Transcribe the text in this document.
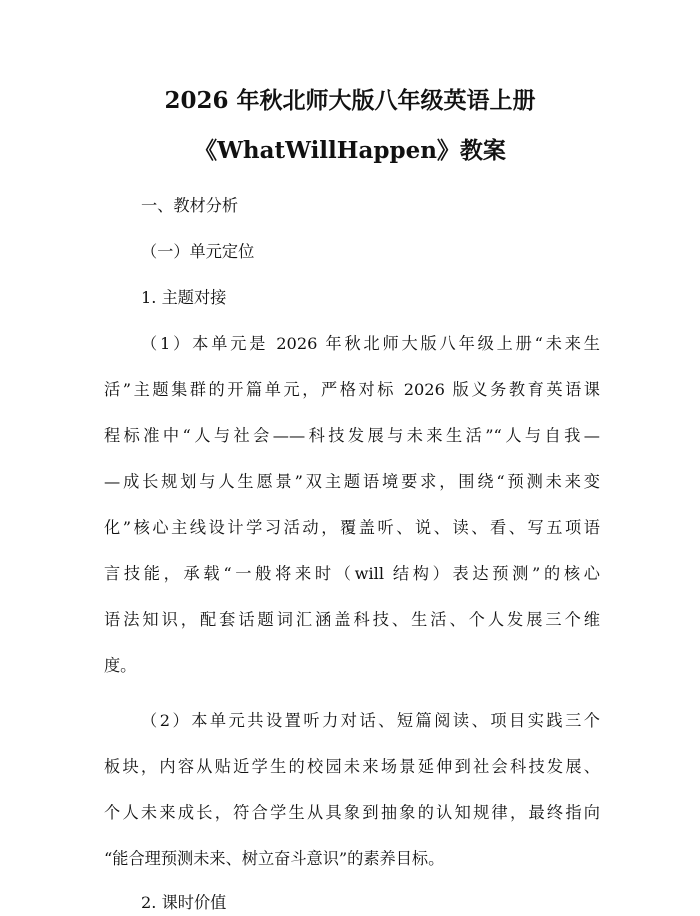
2026 年秋北师大版八年级英语上册
《WhatWillHappen》教案
一、教材分析
（一）单元定位
1. 主题对接
（1）本单元是 2026 年秋北师大版八年级上册“未来生
活”主题集群的开篇单元，严格对标 2026 版义务教育英语课
程标准中“人与社会——科技发展与未来生活”“人与自我—
—成长规划与人生愿景”双主题语境要求，围绕“预测未来变
化”核心主线设计学习活动，覆盖听、说、读、看、写五项语
言技能，承载“一般将来时（will 结构）表达预测”的核心
语法知识，配套话题词汇涵盖科技、生活、个人发展三个维
度。
（2）本单元共设置听力对话、短篇阅读、项目实践三个
板块，内容从贴近学生的校园未来场景延伸到社会科技发展、
个人未来成长，符合学生从具象到抽象的认知规律，最终指向
“能合理预测未来、树立奋斗意识”的素养目标。
2. 课时价值
